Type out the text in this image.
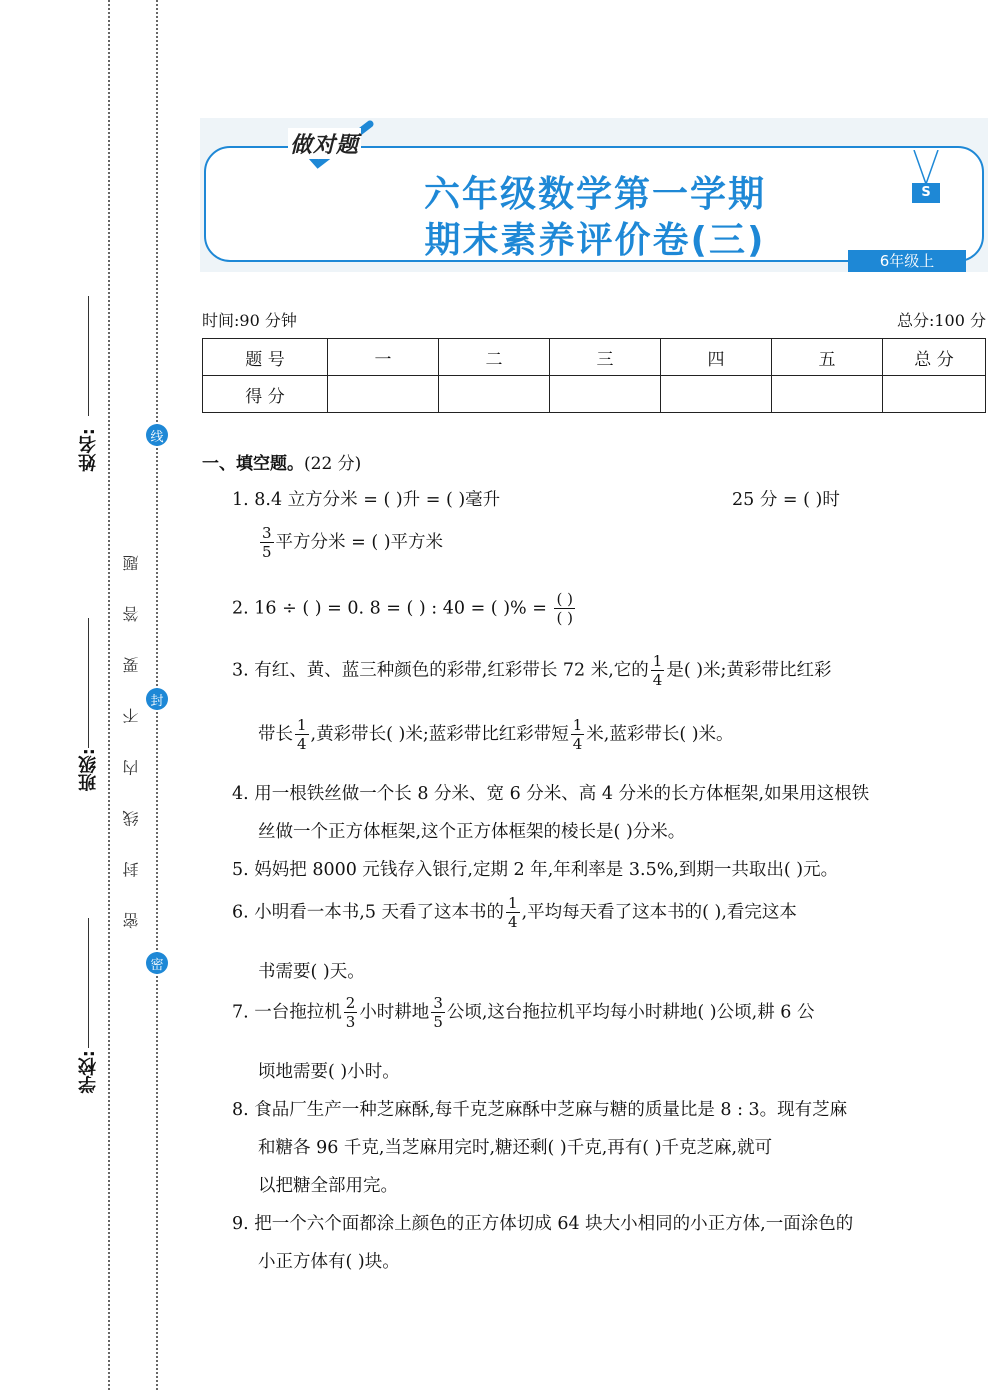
姓名:
班级:
学校:
密 封 线 内 不 要 答 题
线
封
密
做对题
六年级数学第一学期
期末素养评价卷(三)
S
6年级上
时间:90 分钟	总分:100 分
题 号	一	二	三	四	五	总 分
得 分						
一、填空题。(22 分)
1. 8.4 立方分米 = ( )升 = ( )毫升	25 分 = ( )时
$\frac{3}{5}$ 平方分米 = ( )平方米
2. 16 ÷ ( ) = 0. 8 = ( ) : 40 = ( )% = $\frac{( )}{( )}$
3. 有红、黄、蓝三种颜色的彩带,红彩带长 72 米,它的 $\frac{1}{4}$ 是( )米;黄彩带比红彩
带长 $\frac{1}{4}$ ,黄彩带长( )米;蓝彩带比红彩带短 $\frac{1}{4}$ 米,蓝彩带长( )米。
4. 用一根铁丝做一个长 8 分米、宽 6 分米、高 4 分米的长方体框架,如果用这根铁
丝做一个正方体框架,这个正方体框架的棱长是( )分米。
5. 妈妈把 8000 元钱存入银行,定期 2 年,年利率是 3.5%,到期一共取出( )元。
6. 小明看一本书,5 天看了这本书的 $\frac{1}{4}$ ,平均每天看了这本书的( ),看完这本
书需要( )天。
7. 一台拖拉机 $\frac{2}{3}$ 小时耕地 $\frac{3}{5}$ 公顷,这台拖拉机平均每小时耕地( )公顷,耕 6 公
顷地需要( )小时。
8. 食品厂生产一种芝麻酥,每千克芝麻酥中芝麻与糖的质量比是 8 : 3。现有芝麻
和糖各 96 千克,当芝麻用完时,糖还剩( )千克,再有( )千克芝麻,就可
以把糖全部用完。
9. 把一个六个面都涂上颜色的正方体切成 64 块大小相同的小正方体,一面涂色的
小正方体有( )块。
